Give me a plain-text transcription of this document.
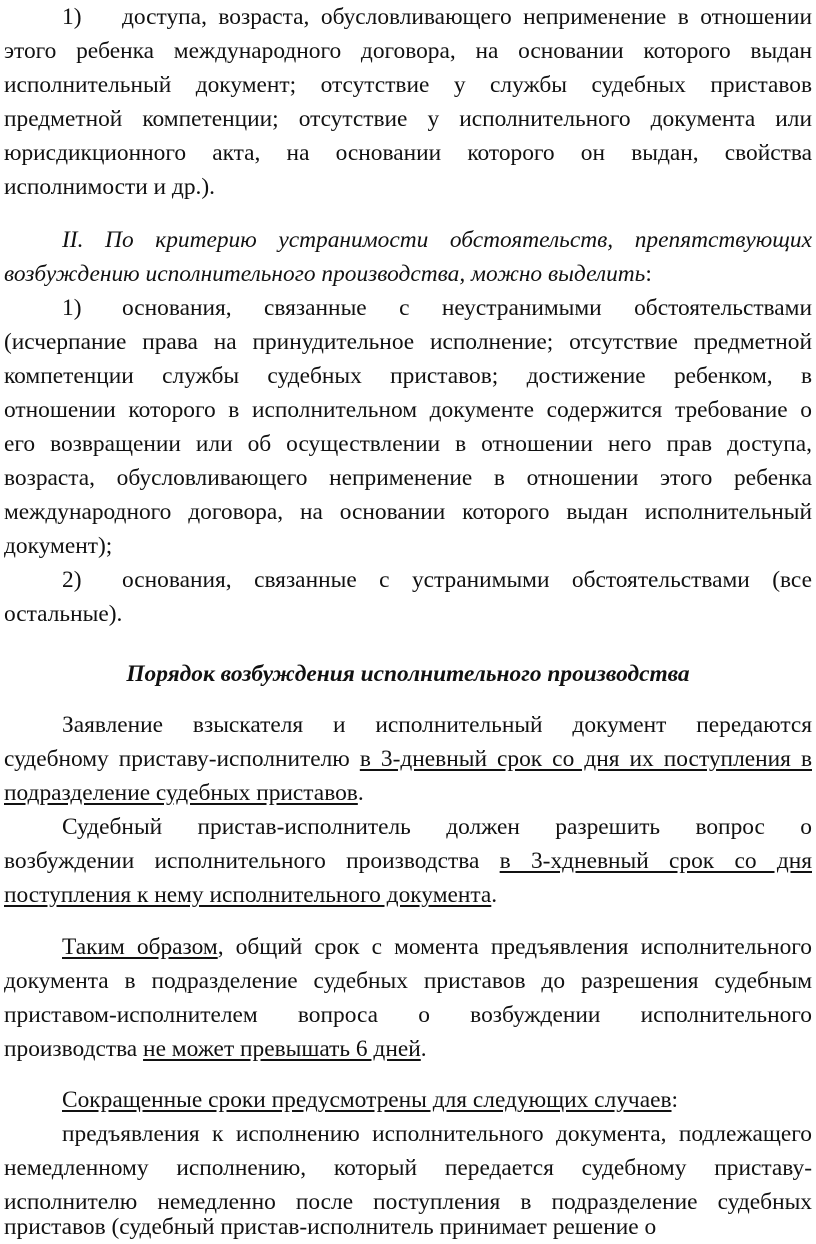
1) доступа, возраста, обусловливающего неприменение в отношении
этого ребенка международного договора, на основании которого выдан
исполнительный документ; отсутствие у службы судебных приставов
предметной компетенции; отсутствие у исполнительного документа или
юрисдикционного акта, на основании которого он выдан, свойства
исполнимости и др.).
II. По критерию устранимости обстоятельств, препятствующих
возбуждению исполнительного производства, можно выделить:
1) основания, связанные с неустранимыми обстоятельствами
(исчерпание права на принудительное исполнение; отсутствие предметной
компетенции службы судебных приставов; достижение ребенком, в
отношении которого в исполнительном документе содержится требование о
его возвращении или об осуществлении в отношении него прав доступа,
возраста, обусловливающего неприменение в отношении этого ребенка
международного договора, на основании которого выдан исполнительный
документ);
2) основания, связанные с устранимыми обстоятельствами (все
остальные).
Порядок возбуждения исполнительного производства
Заявление взыскателя и исполнительный документ передаются
судебному приставу-исполнителю в 3-дневный срок со дня их поступления в
подразделение судебных приставов.
Судебный пристав-исполнитель должен разрешить вопрос о
возбуждении исполнительного производства в 3-хдневный срок со дня
поступления к нему исполнительного документа.
Таким образом, общий срок с момента предъявления исполнительного
документа в подразделение судебных приставов до разрешения судебным
приставом-исполнителем вопроса о возбуждении исполнительного
производства не может превышать 6 дней.
Сокращенные сроки предусмотрены для следующих случаев:
предъявления к исполнению исполнительного документа, подлежащего
немедленному исполнению, который передается судебному приставу-
исполнителю немедленно после поступления в подразделение судебных
приставов (судебный пристав-исполнитель принимает решение о
